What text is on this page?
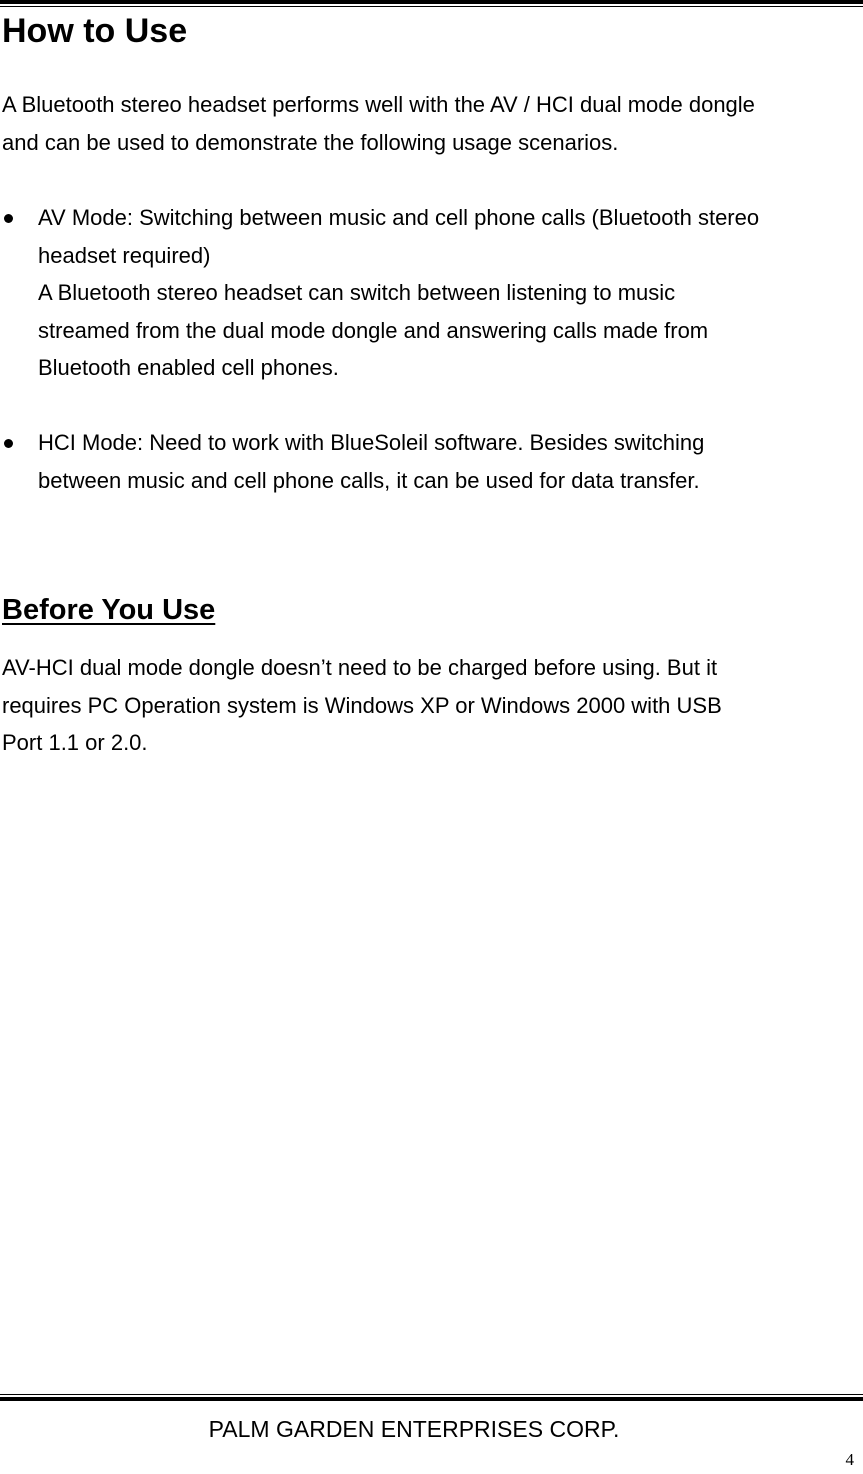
How to Use

A Bluetooth stereo headset performs well with the AV / HCI dual mode dongle
and can be used to demonstrate the following usage scenarios.

AV Mode: Switching between music and cell phone calls (Bluetooth stereo
headset required)
A Bluetooth stereo headset can switch between listening to music
streamed from the dual mode dongle and answering calls made from
Bluetooth enabled cell phones.
HCI Mode: Need to work with BlueSoleil software. Besides switching
between music and cell phone calls, it can be used for data transfer.
Before You Use

AV-HCI dual mode dongle doesn’t need to be charged before using. But it
requires PC Operation system is Windows XP or Windows 2000 with USB
Port 1.1 or 2.0.

PALM GARDEN ENTERPRISES CORP.
4
